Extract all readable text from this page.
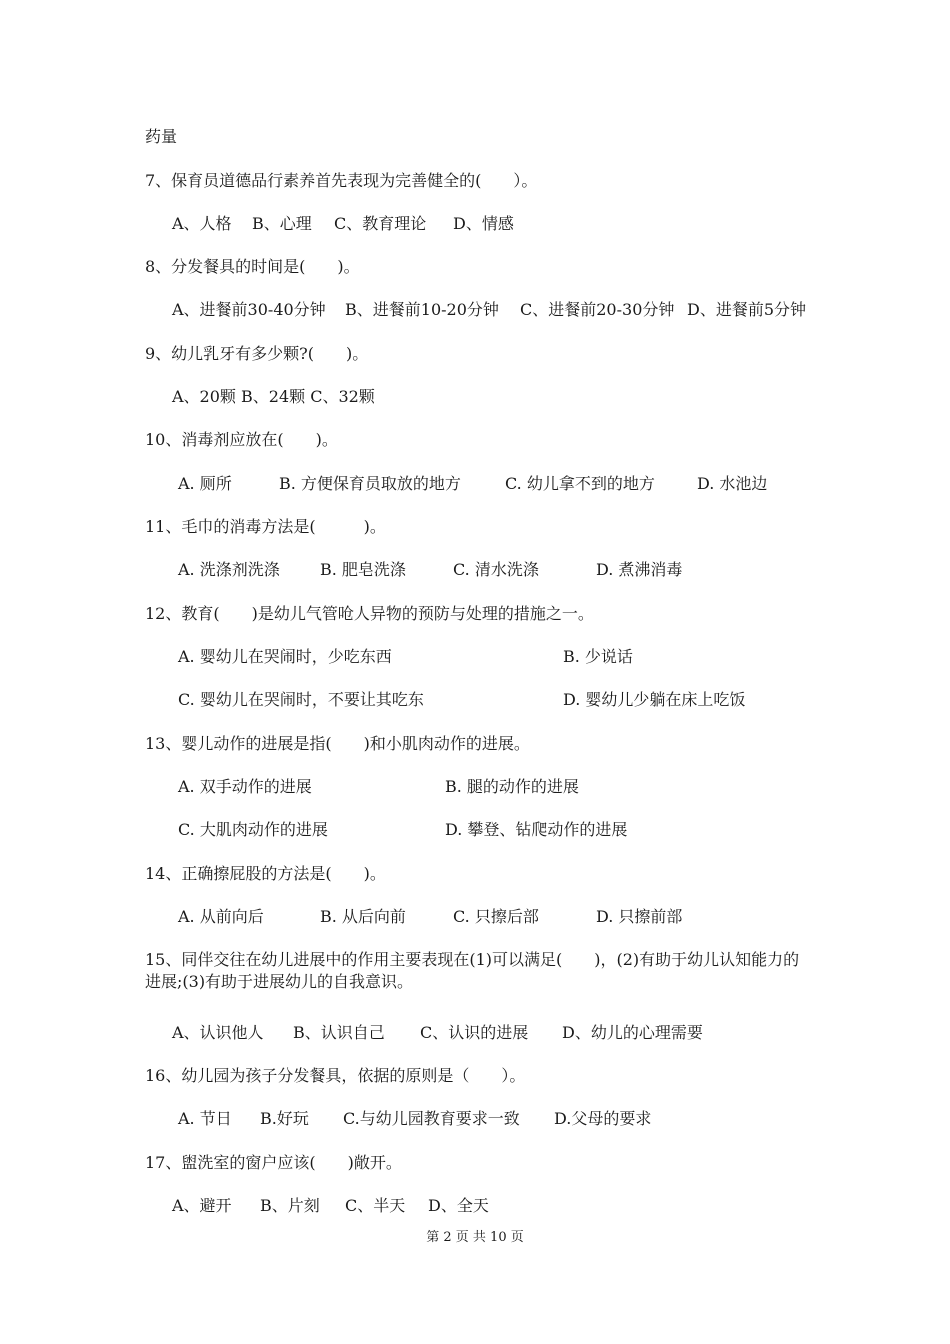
药量
7、保育员道德品行素养首先表现为完善健全的(　　）。
A、人格 B、心理 C、教育理论 D、情感
8、分发餐具的时间是(　　)。
A、进餐前30-40分钟 B、进餐前10-20分钟 C、进餐前20-30分钟 D、进餐前5分钟
9、幼儿乳牙有多少颗?(　　)。
A、20颗 B、24颗 C、32颗
10、消毒剂应放在(　　)。
A. 厕所	B. 方便保育员取放的地方	C. 幼儿拿不到的地方	D. 水池边
11、毛巾的消毒方法是(　　　)。
A. 洗涤剂洗涤	B. 肥皂洗涤	C. 清水洗涤	D. 煮沸消毒
12、教育(　　)是幼儿气管呛人异物的预防与处理的措施之一。
A. 婴幼儿在哭闹时，少吃东西	B. 少说话
C. 婴幼儿在哭闹时，不要让其吃东	D. 婴幼儿少躺在床上吃饭
13、婴儿动作的进展是指(　　)和小肌肉动作的进展。
A. 双手动作的进展	B. 腿的动作的进展
C. 大肌肉动作的进展	D. 攀登、钻爬动作的进展
14、正确擦屁股的方法是(　　)。
A. 从前向后	B. 从后向前	C. 只擦后部	D. 只擦前部
15、同伴交往在幼儿进展中的作用主要表现在(1)可以满足(　　)，(2)有助于幼儿认知能力的进展;(3)有助于进展幼儿的自我意识。
A、认识他人 B、认识自己 C、认识的进展 D、幼儿的心理需要
16、幼儿园为孩子分发餐具，依据的原则是（　　）。
A. 节日 B.好玩 C.与幼儿园教育要求一致 D.父母的要求
17、盥洗室的窗户应该(　　)敞开。
A、避开 B、片刻 C、半天 D、全天
第 2 页 共 10 页
